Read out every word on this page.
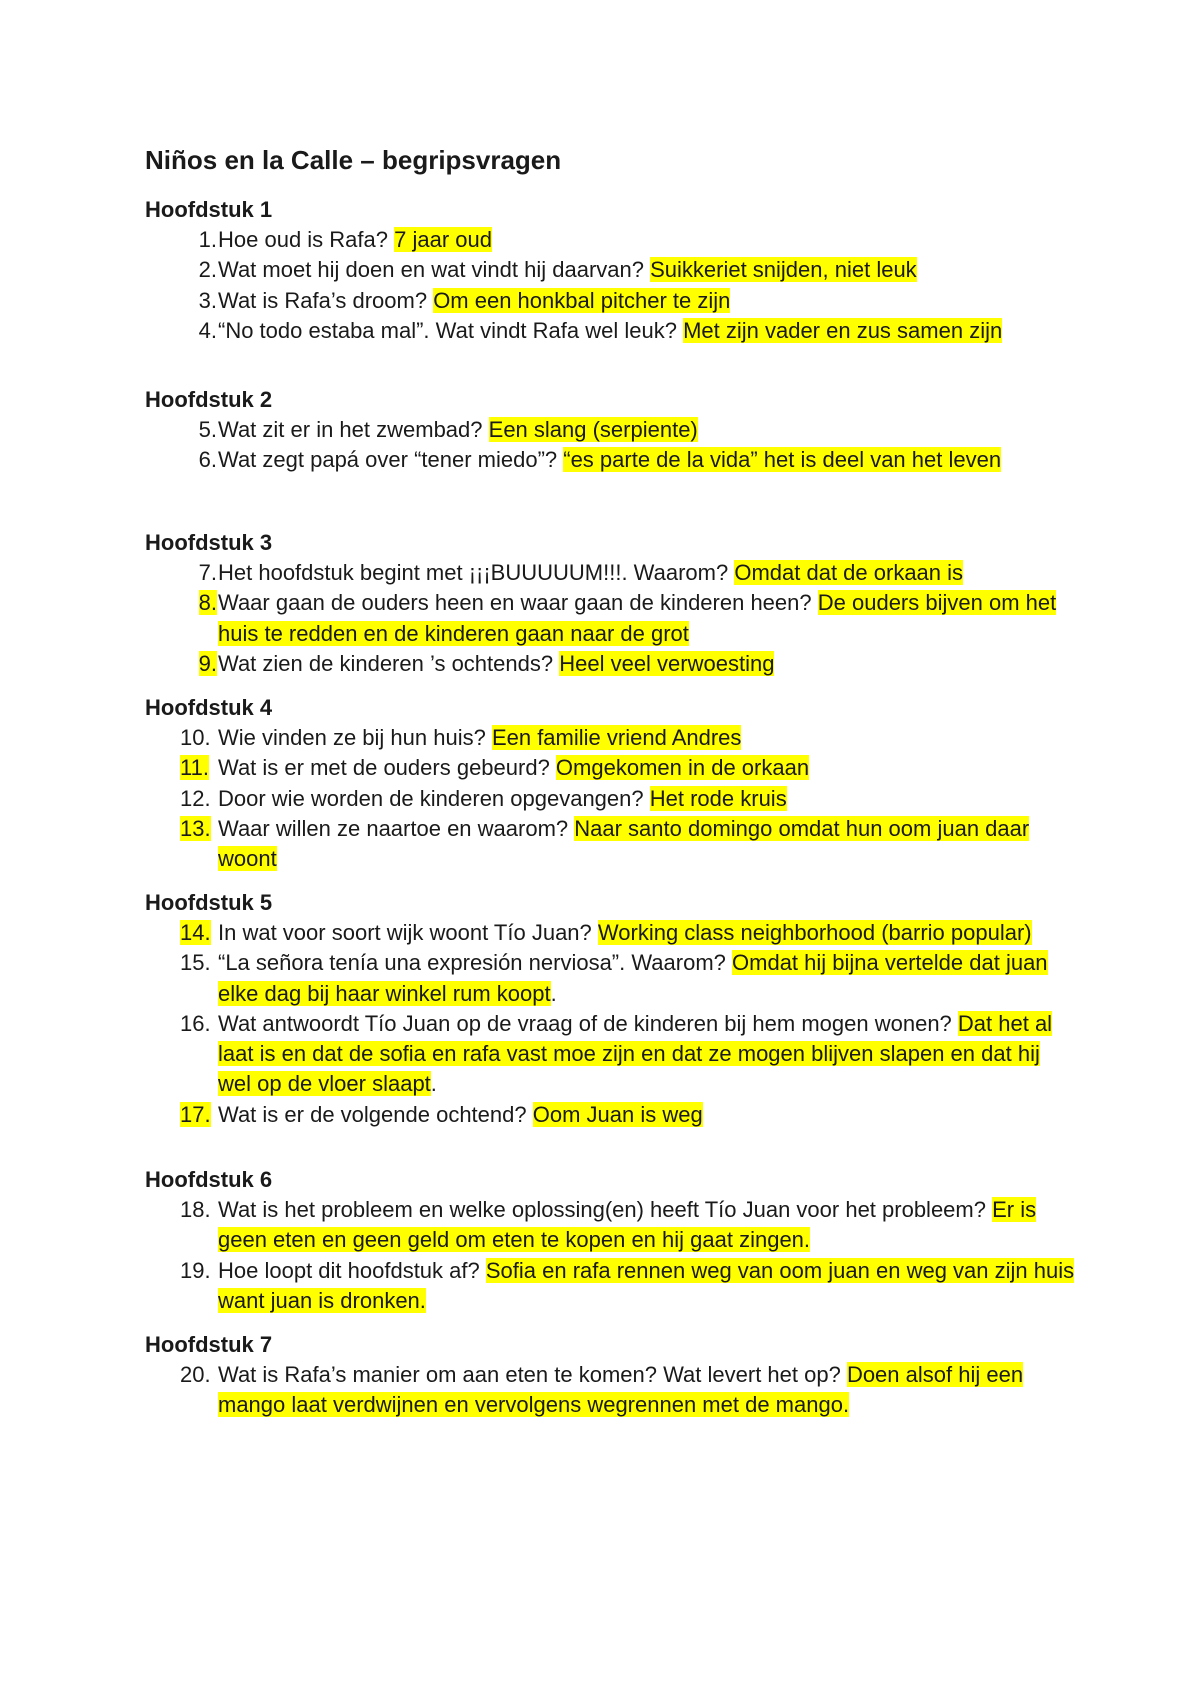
Niños en la Calle – begripsvragen
Hoofdstuk 1
1. Hoe oud is Rafa? 7 jaar oud
2. Wat moet hij doen en wat vindt hij daarvan? Suikkeriet snijden, niet leuk
3. Wat is Rafa’s droom? Om een honkbal pitcher te zijn
4. “No todo estaba mal”. Wat vindt Rafa wel leuk? Met zijn vader en zus samen zijn
Hoofdstuk 2
5. Wat zit er in het zwembad? Een slang (serpiente)
6. Wat zegt papá over “tener miedo”? “es parte de la vida” het is deel van het leven
Hoofdstuk 3
7. Het hoofdstuk begint met ¡¡¡BUUUUUM!!!. Waarom? Omdat dat de orkaan is
8. Waar gaan de ouders heen en waar gaan de kinderen heen? De ouders bijven om het huis te redden en de kinderen gaan naar de grot
9. Wat zien de kinderen ’s ochtends? Heel veel verwoesting
Hoofdstuk 4
10. Wie vinden ze bij hun huis? Een familie vriend Andres
11. Wat is er met de ouders gebeurd? Omgekomen in de orkaan
12. Door wie worden de kinderen opgevangen? Het rode kruis
13. Waar willen ze naartoe en waarom? Naar santo domingo omdat hun oom juan daar woont
Hoofdstuk 5
14. In wat voor soort wijk woont Tío Juan? Working class neighborhood (barrio popular)
15. “La señora tenía una expresión nerviosa”. Waarom? Omdat hij bijna vertelde dat juan elke dag bij haar winkel rum koopt.
16. Wat antwoordt Tío Juan op de vraag of de kinderen bij hem mogen wonen? Dat het al laat is en dat de sofia en rafa vast moe zijn en dat ze mogen blijven slapen en dat hij wel op de vloer slaapt.
17. Wat is er de volgende ochtend? Oom Juan is weg
Hoofdstuk 6
18. Wat is het probleem en welke oplossing(en) heeft Tío Juan voor het probleem? Er is geen eten en geen geld om eten te kopen en hij gaat zingen.
19. Hoe loopt dit hoofdstuk af? Sofia en rafa rennen weg van oom juan en weg van zijn huis want juan is dronken.
Hoofdstuk 7
20. Wat is Rafa’s manier om aan eten te komen? Wat levert het op? Doen alsof hij een mango laat verdwijnen en vervolgens wegrennen met de mango.
